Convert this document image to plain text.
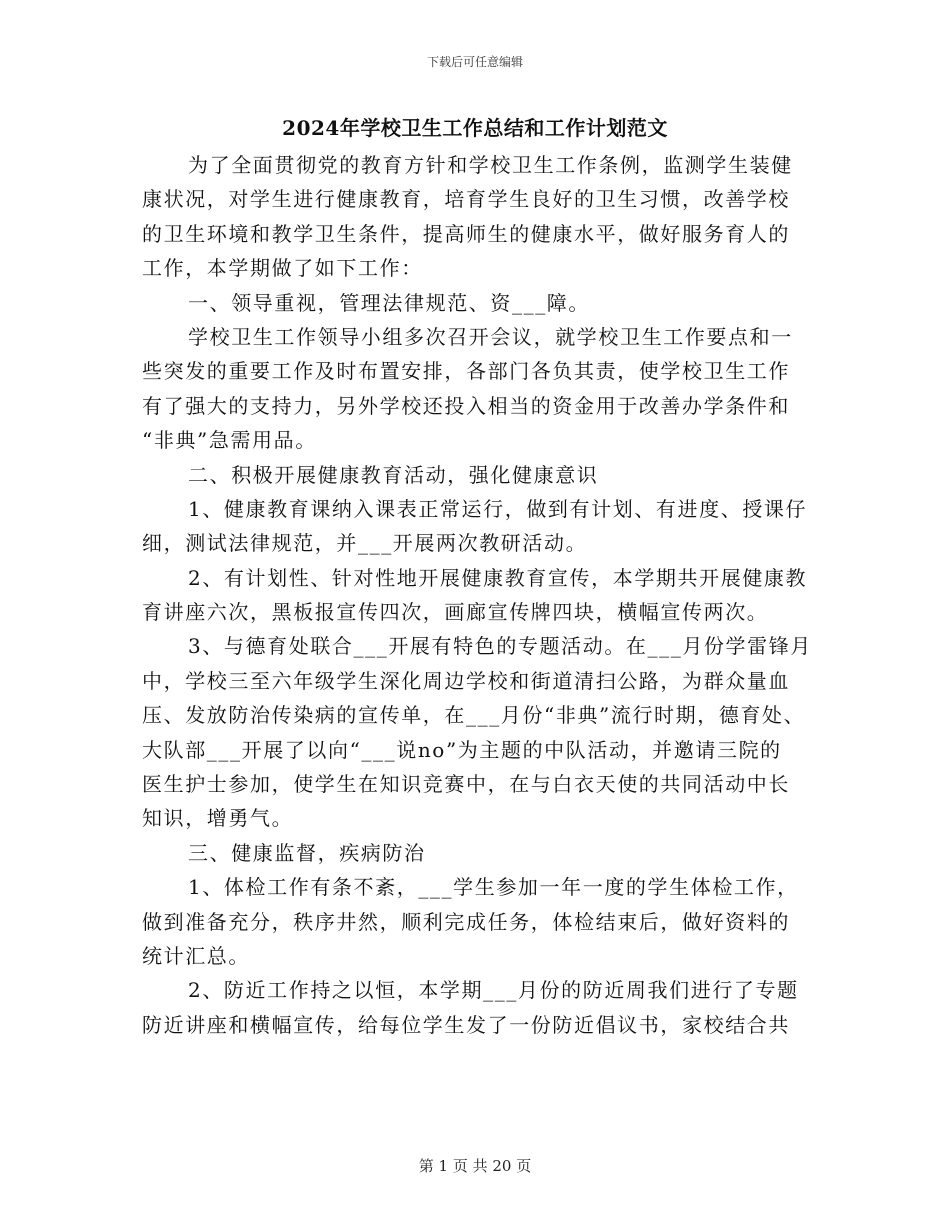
下载后可任意编辑
2024年学校卫生工作总结和工作计划范文
为了全面贯彻党的教育方针和学校卫生工作条例，监测学生装健
康状况，对学生进行健康教育，培育学生良好的卫生习惯，改善学校
的卫生环境和教学卫生条件，提高师生的健康水平，做好服务育人的
工作，本学期做了如下工作：
一、领导重视，管理法律规范、资___障。
学校卫生工作领导小组多次召开会议，就学校卫生工作要点和一
些突发的重要工作及时布置安排，各部门各负其责，使学校卫生工作
有了强大的支持力，另外学校还投入相当的资金用于改善办学条件和
“非典”急需用品。
二、积极开展健康教育活动，强化健康意识
1、健康教育课纳入课表正常运行，做到有计划、有进度、授课仔
细，测试法律规范，并___开展两次教研活动。
2、有计划性、针对性地开展健康教育宣传，本学期共开展健康教
育讲座六次，黑板报宣传四次，画廊宣传牌四块，横幅宣传两次。
3、与德育处联合___开展有特色的专题活动。在___月份学雷锋月
中，学校三至六年级学生深化周边学校和街道清扫公路，为群众量血
压、发放防治传染病的宣传单，在___月份“非典”流行时期，德育处、
大队部___开展了以向“___说no”为主题的中队活动，并邀请三院的
医生护士参加，使学生在知识竞赛中，在与白衣天使的共同活动中长
知识，增勇气。
三、健康监督，疾病防治
1、体检工作有条不紊，___学生参加一年一度的学生体检工作，
做到准备充分，秩序井然，顺利完成任务，体检结束后，做好资料的
统计汇总。
2、防近工作持之以恒，本学期___月份的防近周我们进行了专题
防近讲座和横幅宣传，给每位学生发了一份防近倡议书，家校结合共
第 1 页 共 20 页
